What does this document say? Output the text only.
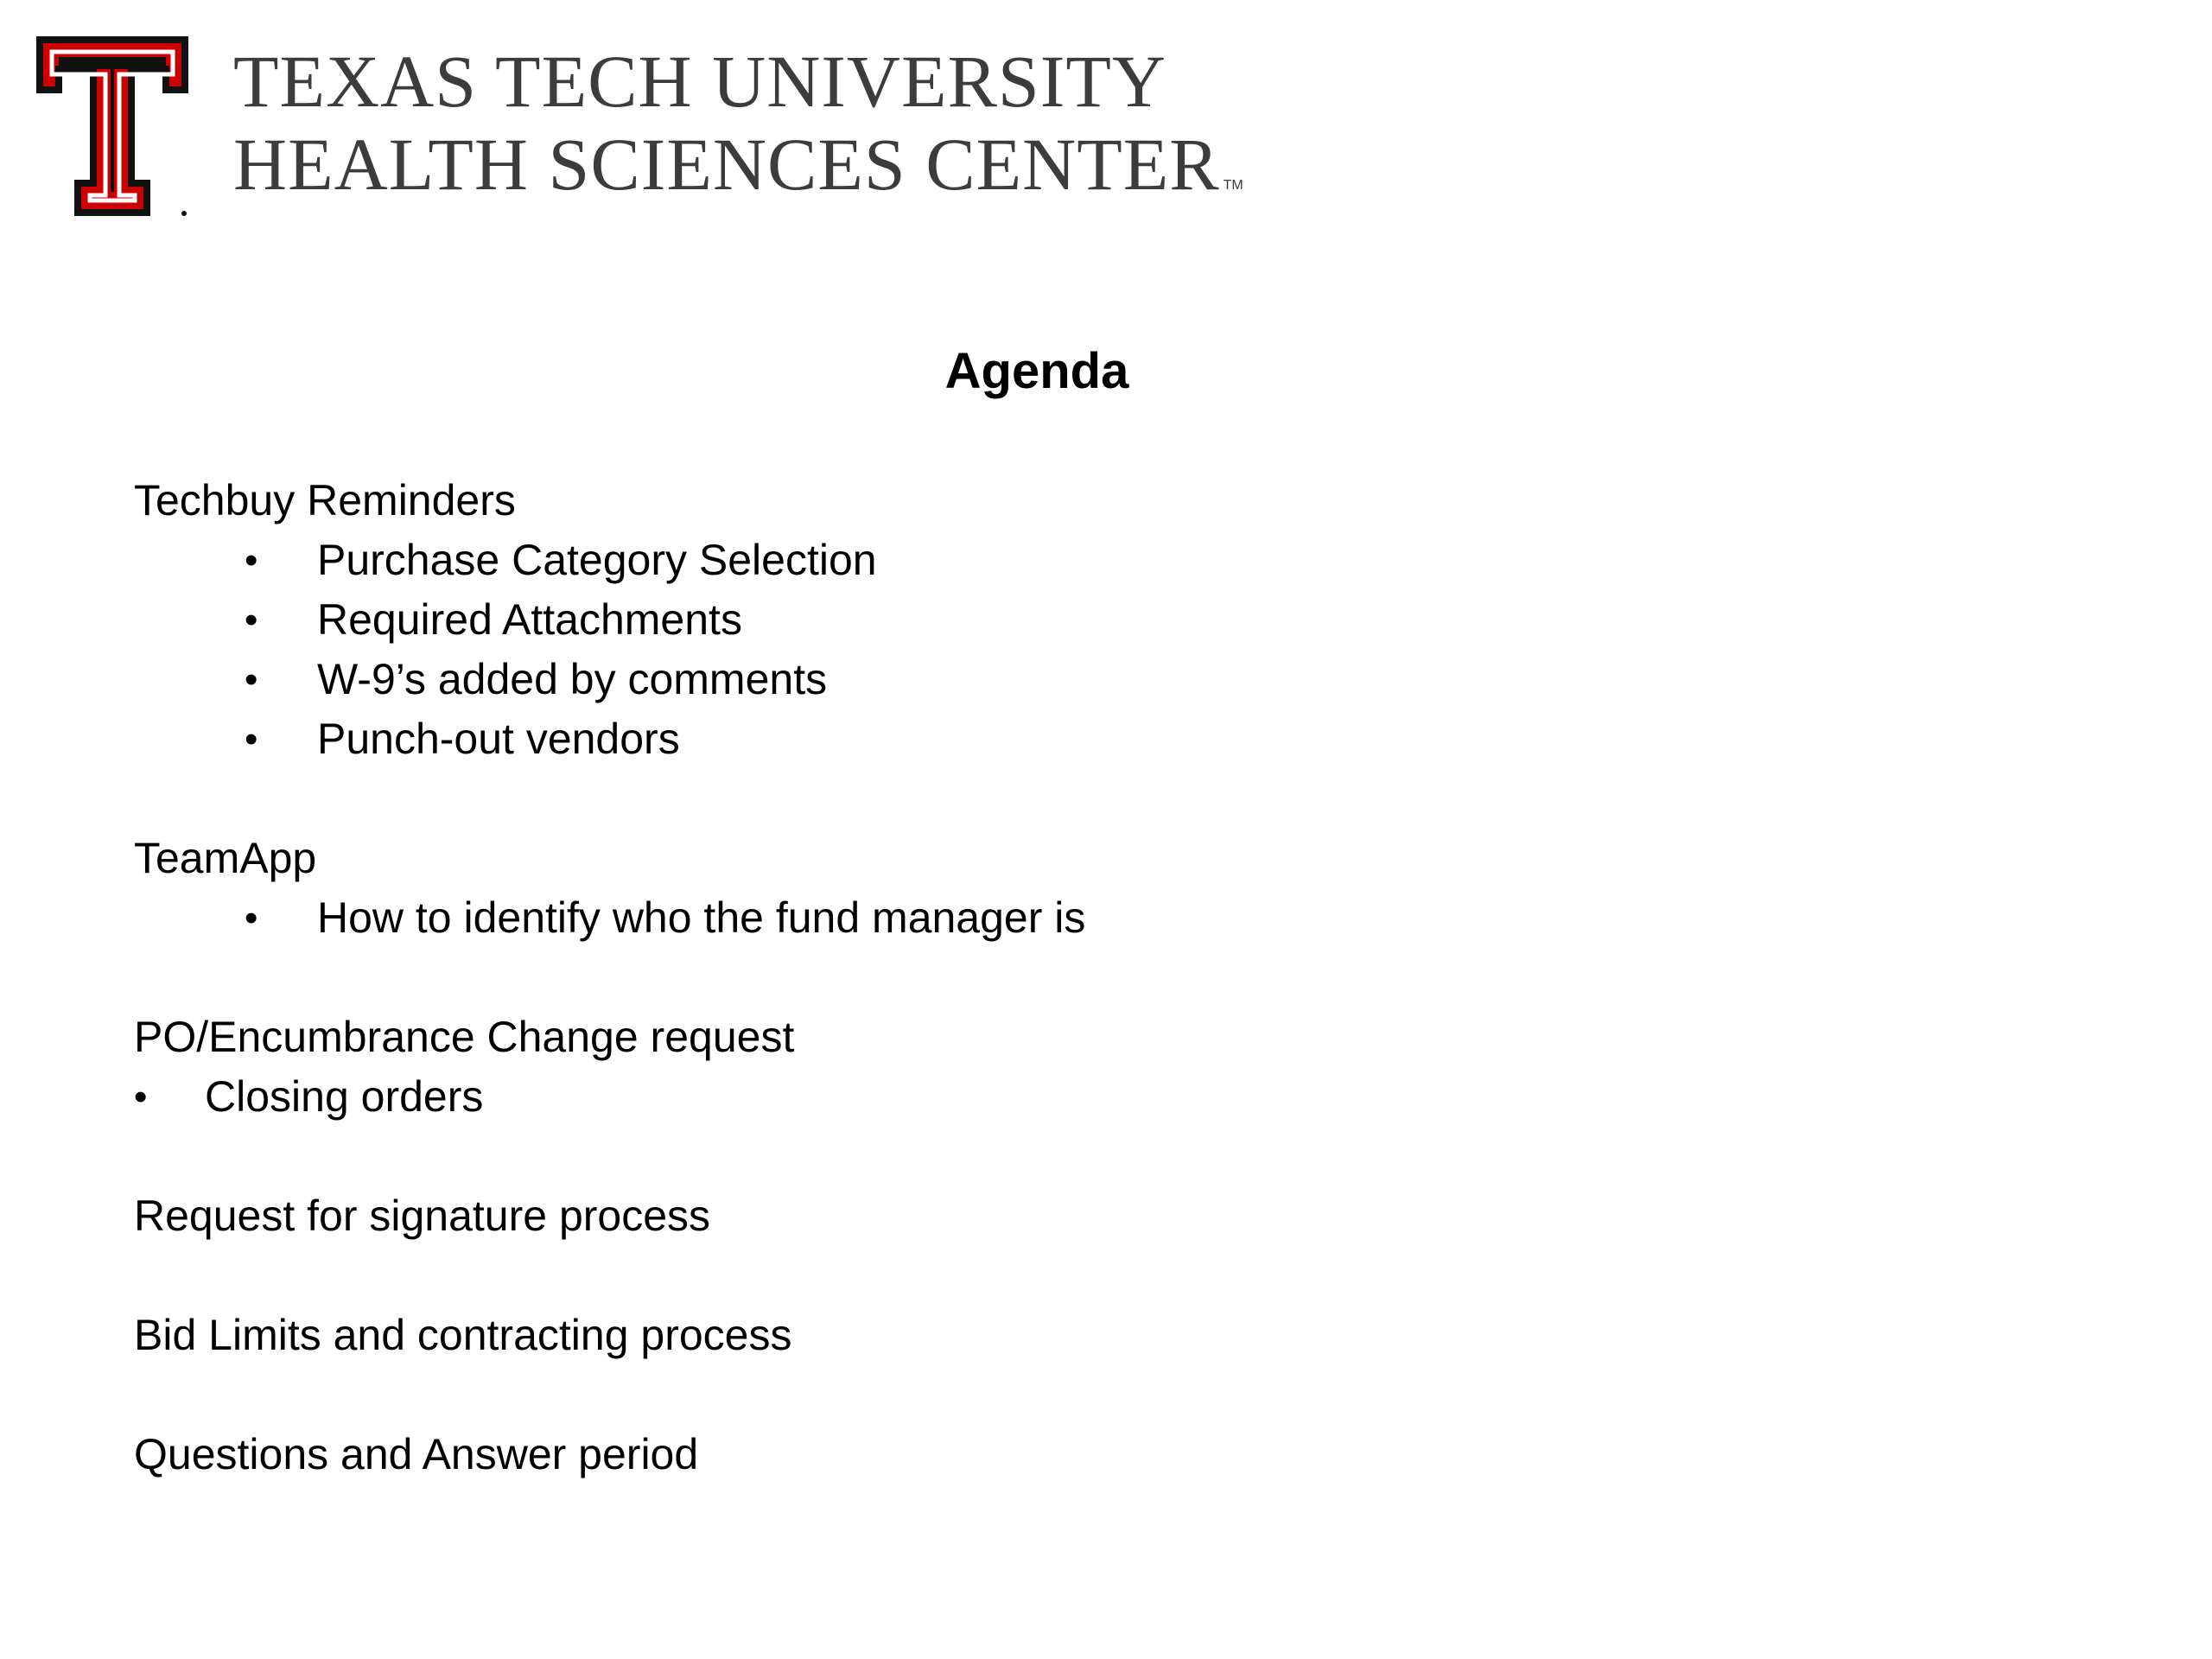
TEXAS TECH UNIVERSITY
HEALTH SCIENCES CENTER TM
Agenda
Techbuy Reminders
• Purchase Category Selection
• Required Attachments
• W-9’s added by comments
• Punch-out vendors
TeamApp
• How to identify who the fund manager is
PO/Encumbrance Change request
• Closing orders
Request for signature process
Bid Limits and contracting process
Questions and Answer period
